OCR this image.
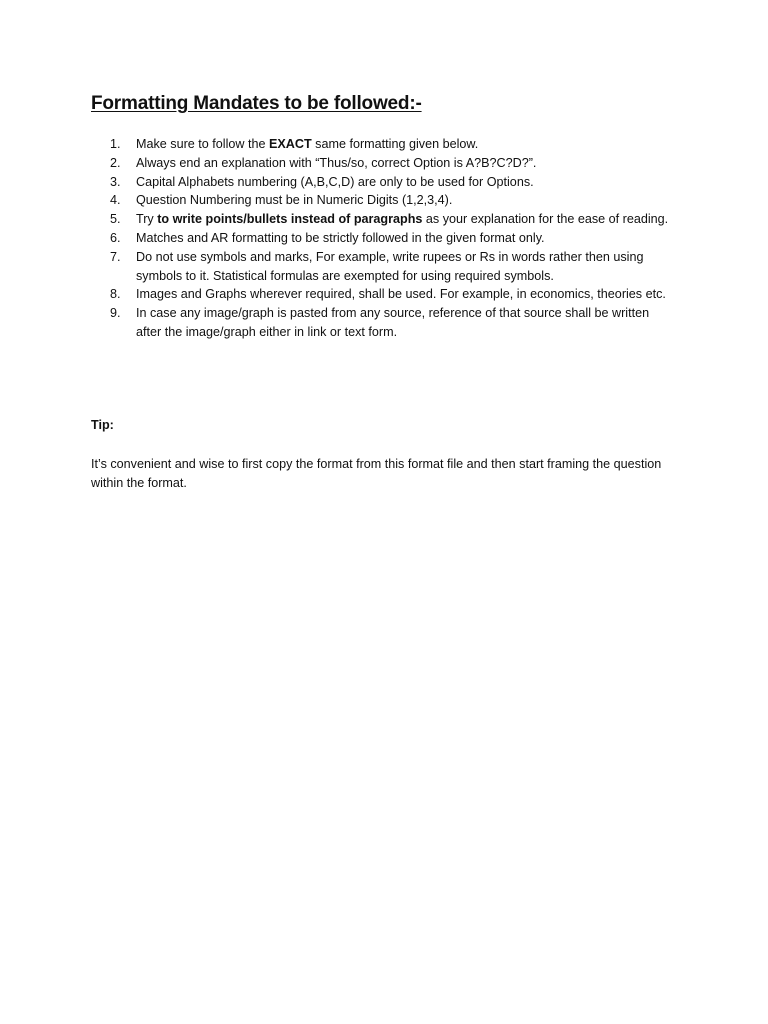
Formatting Mandates to be followed:-
1.	Make sure to follow the EXACT same formatting given below.
2.	Always end an explanation with “Thus/so, correct Option is A?B?C?D?”.
3.	Capital Alphabets numbering (A,B,C,D) are only to be used for Options.
4.	Question Numbering must be in Numeric Digits (1,2,3,4).
5.	Try to write points/bullets instead of paragraphs as your explanation for the ease of reading.
6.	Matches and AR formatting to be strictly followed in the given format only.
7.	Do not use symbols and marks, For example, write rupees or Rs in words rather then using symbols to it. Statistical formulas are exempted for using required symbols.
8.	Images and Graphs wherever required, shall be used. For example, in economics, theories etc.
9.	In case any image/graph is pasted from any source, reference of that source shall be written after the image/graph either in link or text form.
Tip:
It’s convenient and wise to first copy the format from this format file and then start framing the question within the format.
